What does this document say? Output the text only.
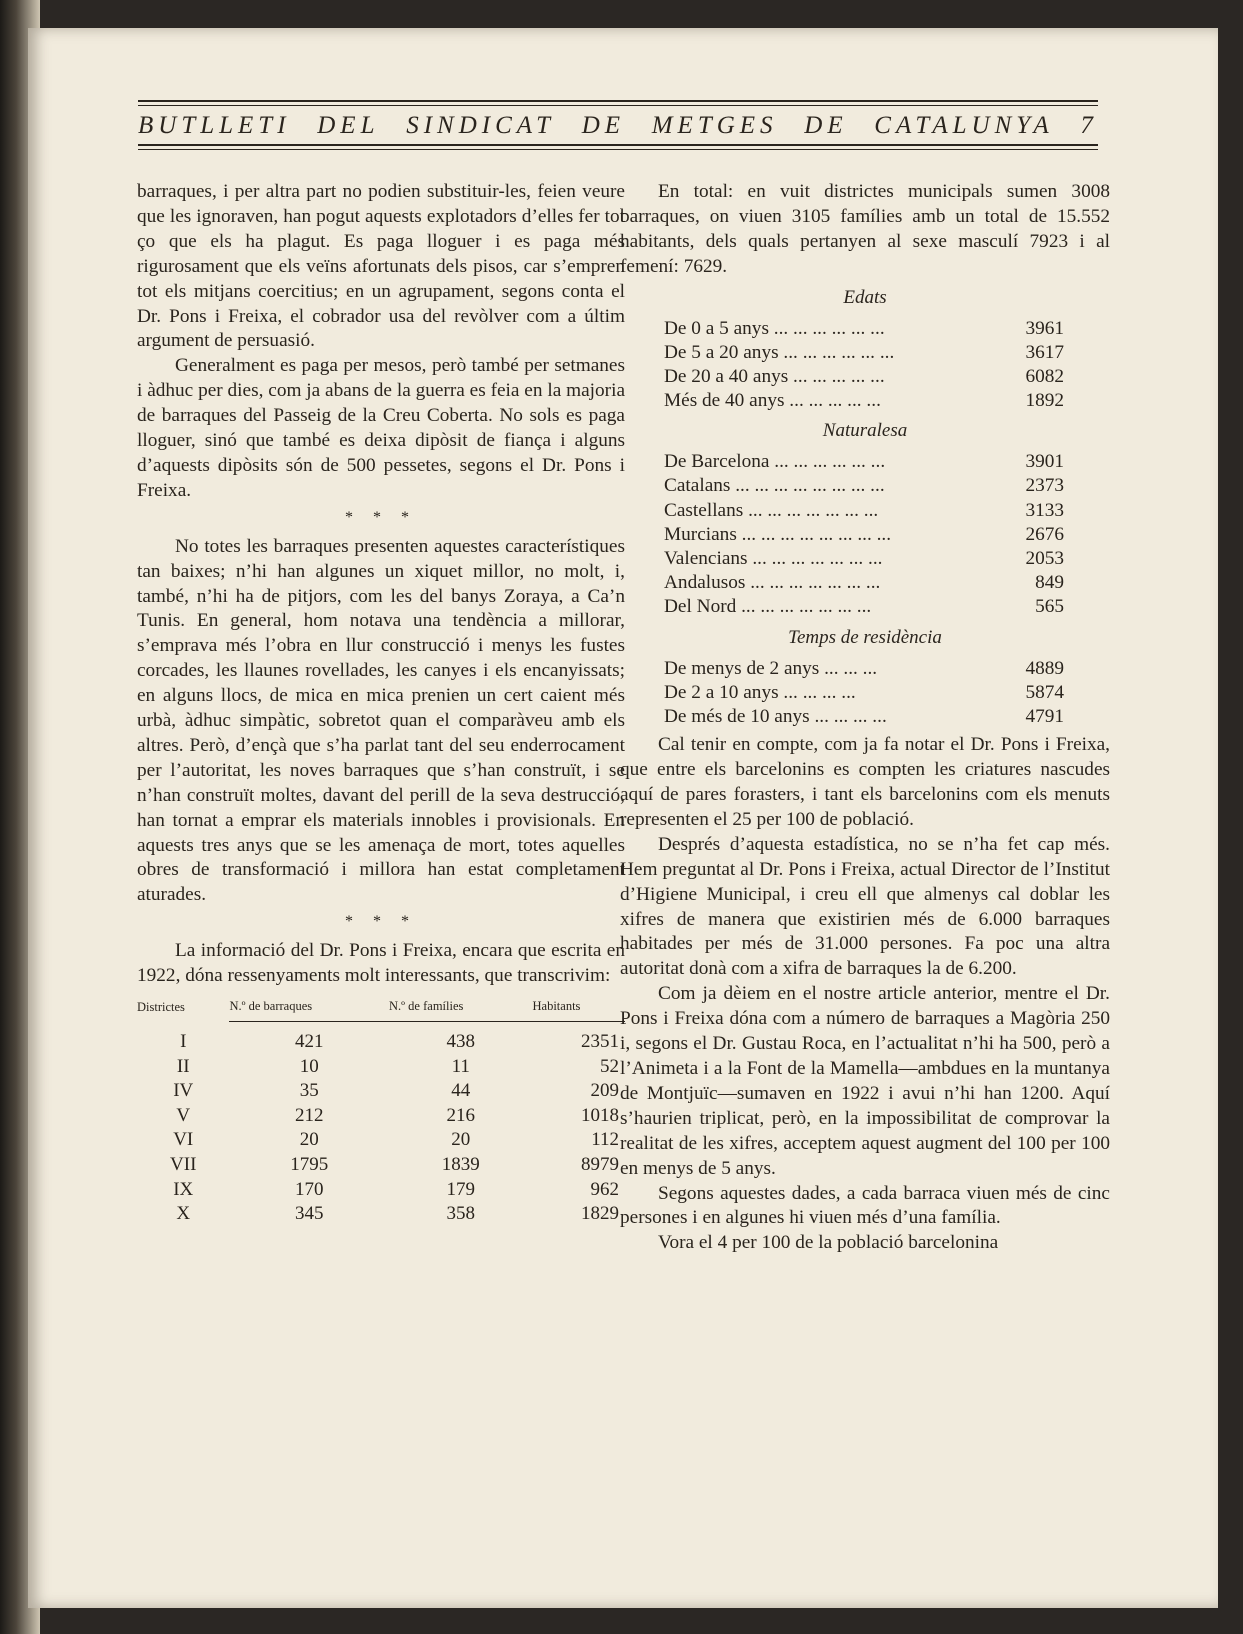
BUTLLETI DEL SINDICAT DE METGES DE CATALUNYA 7

barraques, i per altra part no podien substituir-les, feien veure que les ignoraven, han pogut aquests explotadors d’elles fer tot ço que els ha plagut. Es paga lloguer i es paga més rigurosament que els veïns afortunats dels pisos, car s’empren tot els mitjans coercitius; en un agrupament, segons conta el Dr. Pons i Freixa, el cobrador usa del revòlver com a últim argument de persuasió.

Generalment es paga per mesos, però també per setmanes i àdhuc per dies, com ja abans de la guerra es feia en la majoria de barraques del Passeig de la Creu Coberta. No sols es paga lloguer, sinó que també es deixa dipòsit de fiança i alguns d’aquests dipòsits són de 500 pessetes, segons el Dr. Pons i Freixa.

* * *

No totes les barraques presenten aquestes característiques tan baixes; n’hi han algunes un xiquet millor, no molt, i, també, n’hi ha de pitjors, com les del banys Zoraya, a Ca’n Tunis. En general, hom notava una tendència a millorar, s’emprava més l’obra en llur construcció i menys les fustes corcades, les llaunes rovellades, les canyes i els encanyissats; en alguns llocs, de mica en mica prenien un cert caient més urbà, àdhuc simpàtic, sobretot quan el comparàveu amb els altres. Però, d’ençà que s’ha parlat tant del seu enderrocament per l’autoritat, les noves barraques que s’han construït, i se n’han construït moltes, davant del perill de la seva destrucció, han tornat a emprar els materials innobles i provisionals. En aquests tres anys que se les amenaça de mort, totes aquelles obres de transformació i millora han estat completament aturades.

* * *

La informació del Dr. Pons i Freixa, encara que escrita en 1922, dóna ressenyaments molt interessants, que transcrivim:

Districtes	N.º de barraques	N.º de famílies	Habitants

I	421	438	2351
II	10	11	52
IV	35	44	209
V	212	216	1018
VI	20	20	112
VII	1795	1839	8979
IX	170	179	962
X	345	358	1829

En total: en vuit districtes municipals sumen 3008 barraques, on viuen 3105 famílies amb un total de 15.552 habitants, dels quals pertanyen al sexe masculí 7923 i al femení: 7629.

Edats
De 0 a 5 anys ... ... ... ... ... ...	3961
De 5 a 20 anys ... ... ... ... ... ...	3617
De 20 a 40 anys ... ... ... ... ...	6082
Més de 40 anys ... ... ... ... ...	1892
Naturalesa
De Barcelona ... ... ... ... ... ...	3901
Catalans ... ... ... ... ... ... ... ...	2373
Castellans ... ... ... ... ... ... ...	3133
Murcians ... ... ... ... ... ... ... ...	2676
Valencians ... ... ... ... ... ... ...	2053
Andalusos ... ... ... ... ... ... ...	849
Del Nord ... ... ... ... ... ... ...	565
Temps de residència
De menys de 2 anys ... ... ...	4889
De 2 a 10 anys ... ... ... ...	5874
De més de 10 anys ... ... ... ...	4791

Cal tenir en compte, com ja fa notar el Dr. Pons i Freixa, que entre els barcelonins es compten les criatures nascudes aquí de pares forasters, i tant els barcelonins com els menuts representen el 25 per 100 de població.

Després d’aquesta estadística, no se n’ha fet cap més. Hem preguntat al Dr. Pons i Freixa, actual Director de l’Institut d’Higiene Municipal, i creu ell que almenys cal doblar les xifres de manera que existirien més de 6.000 barraques habitades per més de 31.000 persones. Fa poc una altra autoritat donà com a xifra de barraques la de 6.200.

Com ja dèiem en el nostre article anterior, mentre el Dr. Pons i Freixa dóna com a número de barraques a Magòria 250 i, segons el Dr. Gustau Roca, en l’actualitat n’hi ha 500, però a l’Animeta i a la Font de la Mamella—ambdues en la muntanya de Montjuïc—sumaven en 1922 i avui n’hi han 1200. Aquí s’haurien triplicat, però, en la impossibilitat de comprovar la realitat de les xifres, acceptem aquest augment del 100 per 100 en menys de 5 anys.

Segons aquestes dades, a cada barraca viuen més de cinc persones i en algunes hi viuen més d’una família.

Vora el 4 per 100 de la població barcelonina
